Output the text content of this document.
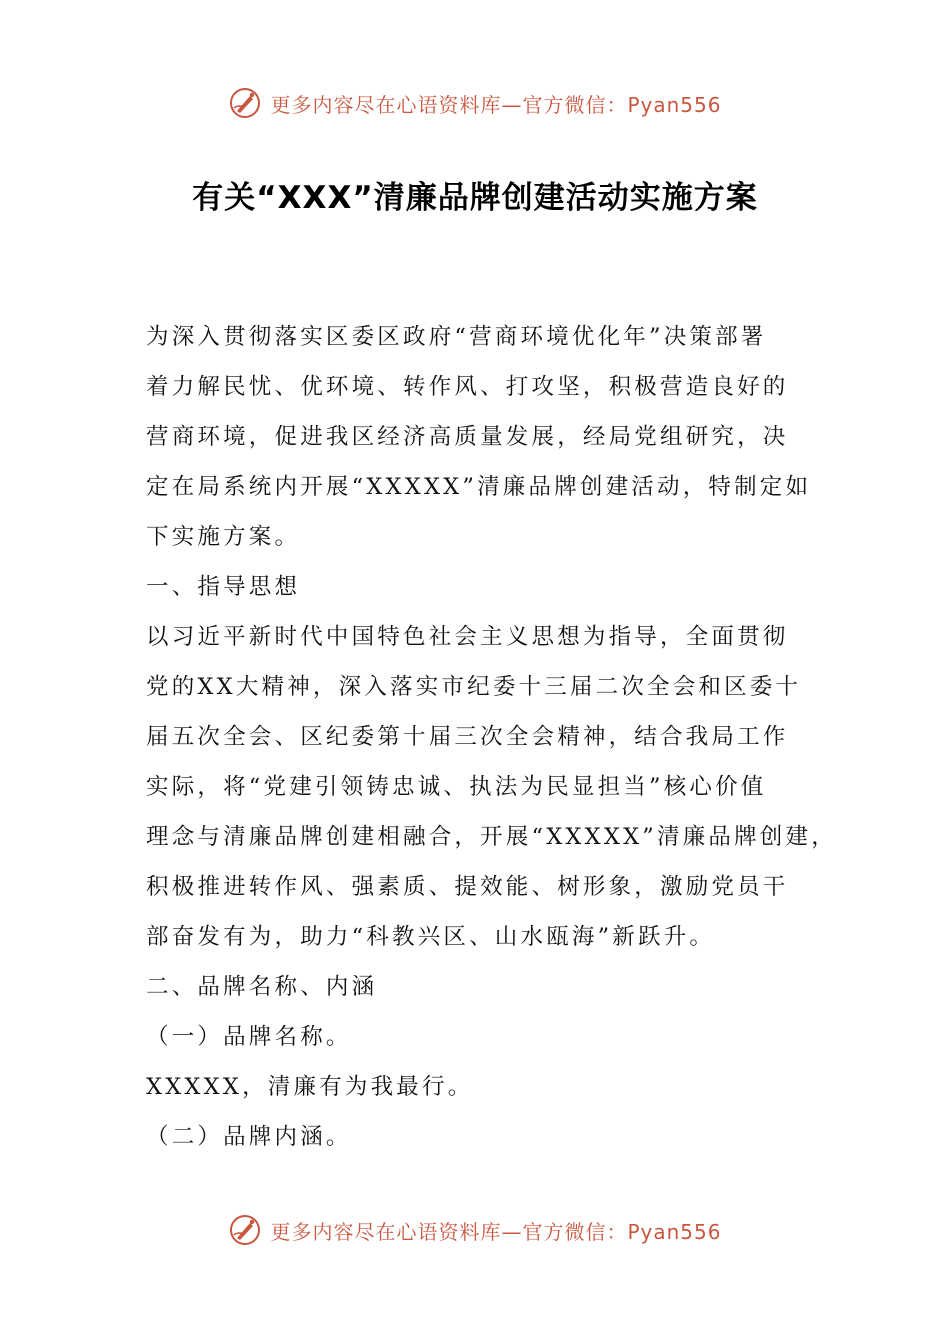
更多内容尽在心语资料库—官方微信：Pyan556
有关“XXX”清廉品牌创建活动实施方案

为深入贯彻落实区委区政府“营商环境优化年”决策部署
着力解民忧、优环境、转作风、打攻坚，积极营造良好的
营商环境，促进我区经济高质量发展，经局党组研究，决
定在局系统内开展“XXXXX”清廉品牌创建活动，特制定如
下实施方案。

一、指导思想

以习近平新时代中国特色社会主义思想为指导，全面贯彻
党的XX大精神，深入落实市纪委十三届二次全会和区委十
届五次全会、区纪委第十届三次全会精神，结合我局工作
实际，将“党建引领铸忠诚、执法为民显担当”核心价值
理念与清廉品牌创建相融合，开展“XXXXX”清廉品牌创建，
积极推进转作风、强素质、提效能、树形象，激励党员干
部奋发有为，助力“科教兴区、山水瓯海”新跃升。

二、品牌名称、内涵

（一）品牌名称。

XXXXX，清廉有为我最行。

（二）品牌内涵。

更多内容尽在心语资料库—官方微信：Pyan556
